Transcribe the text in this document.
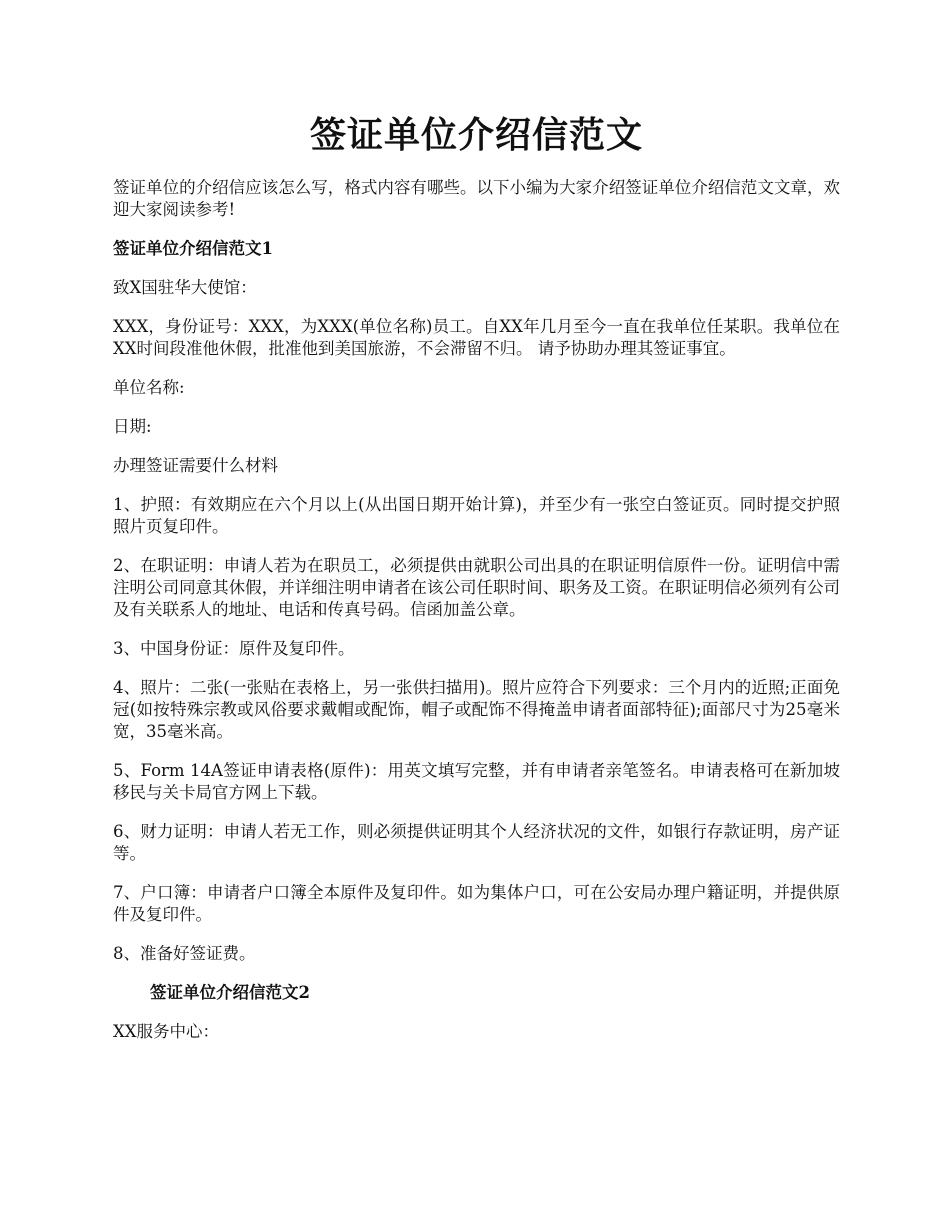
签证单位介绍信范文
签证单位的介绍信应该怎么写，格式内容有哪些。以下小编为大家介绍签证单位介绍信范文文章，欢迎大家阅读参考!
签证单位介绍信范文1
致X国驻华大使馆：
XXX，身份证号：XXX，为XXX(单位名称)员工。自XX年几月至今一直在我单位任某职。我单位在XX时间段准他休假，批准他到美国旅游，不会滞留不归。 请予协助办理其签证事宜。
单位名称:
日期:
办理签证需要什么材料
1、护照：有效期应在六个月以上(从出国日期开始计算)，并至少有一张空白签证页。同时提交护照照片页复印件。
2、在职证明：申请人若为在职员工，必须提供由就职公司出具的在职证明信原件一份。证明信中需注明公司同意其休假，并详细注明申请者在该公司任职时间、职务及工资。在职证明信必须列有公司及有关联系人的地址、电话和传真号码。信函加盖公章。
3、中国身份证：原件及复印件。
4、照片：二张(一张贴在表格上，另一张供扫描用)。照片应符合下列要求：三个月内的近照;正面免冠(如按特殊宗教或风俗要求戴帽或配饰，帽子或配饰不得掩盖申请者面部特征);面部尺寸为25毫米宽，35毫米高。
5、Form 14A签证申请表格(原件)：用英文填写完整，并有申请者亲笔签名。申请表格可在新加坡移民与关卡局官方网上下载。
6、财力证明：申请人若无工作，则必须提供证明其个人经济状况的文件，如银行存款证明，房产证等。
7、户口簿：申请者户口簿全本原件及复印件。如为集体户口，可在公安局办理户籍证明，并提供原件及复印件。
8、准备好签证费。
签证单位介绍信范文2
XX服务中心：
